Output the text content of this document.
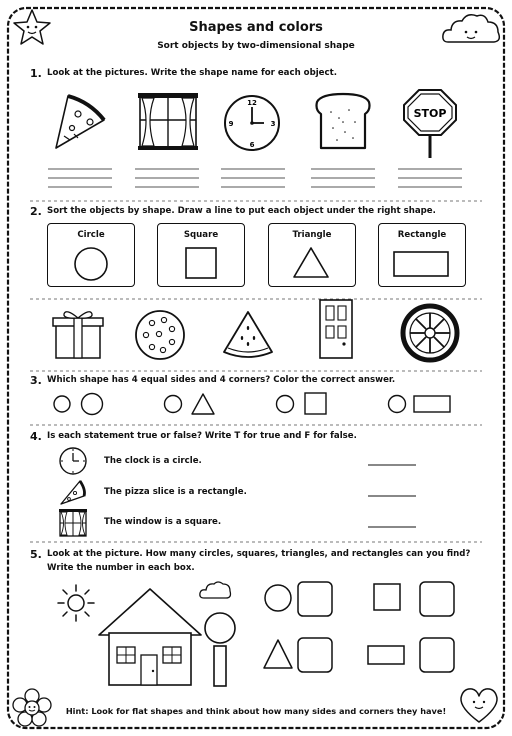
Shapes and colors
Sort objects by two-dimensional shape
1. Look at the pictures. Write the shape name for each object.
12
3
6
9
STOP
2. Sort the objects by shape. Draw a line to put each object under the right shape.
Circle	Square	Triangle	Rectangle
3. Which shape has 4 equal sides and 4 corners? Color the correct answer.
4. Is each statement true or false? Write T for true and F for false.
The clock is a circle.
The pizza slice is a rectangle.
The window is a square.
5. Look at the picture. How many circles, squares, triangles, and rectangles can you find?
Write the number in each box.
Hint: Look for flat shapes and think about how many sides and corners they have!
